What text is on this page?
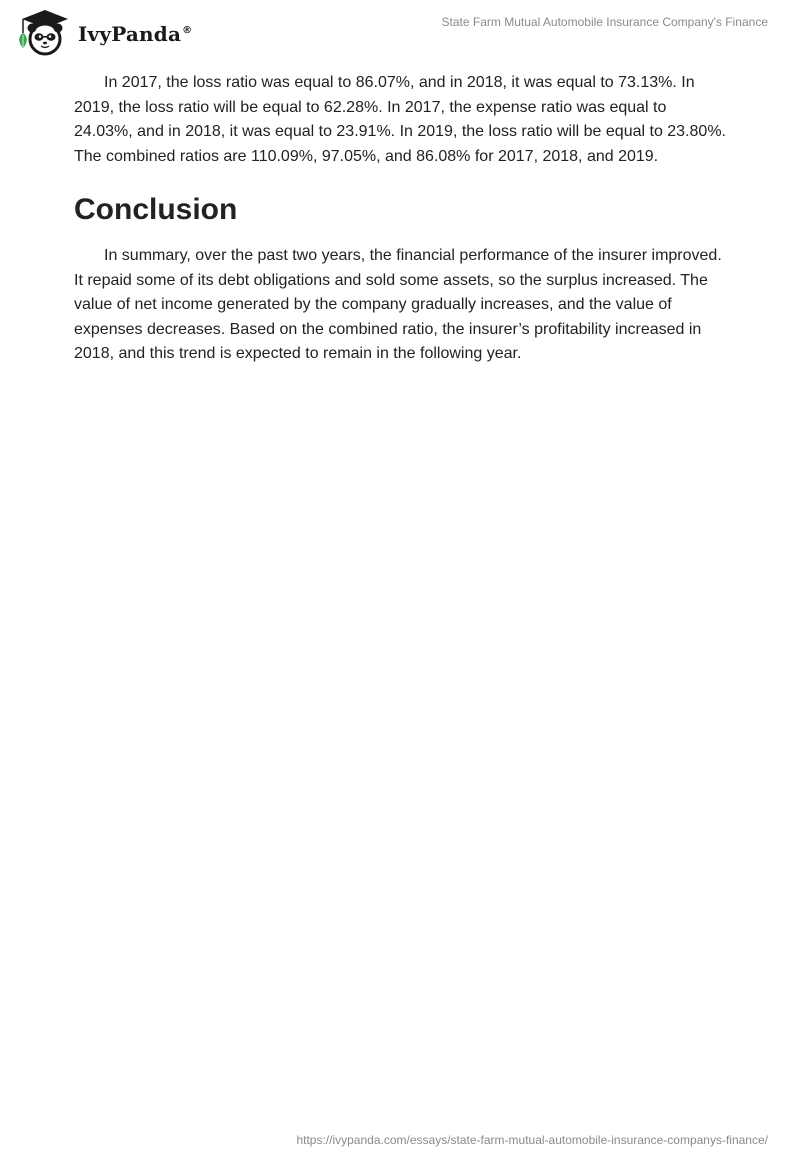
IvyPanda®
State Farm Mutual Automobile Insurance Company's Finance

In 2017, the loss ratio was equal to 86.07%, and in 2018, it was equal to 73.13%. In 2019, the loss ratio will be equal to 62.28%. In 2017, the expense ratio was equal to 24.03%, and in 2018, it was equal to 23.91%. In 2019, the loss ratio will be equal to 23.80%. The combined ratios are 110.09%, 97.05%, and 86.08% for 2017, 2018, and 2019.

Conclusion

In summary, over the past two years, the financial performance of the insurer improved. It repaid some of its debt obligations and sold some assets, so the surplus increased. The value of net income generated by the company gradually increases, and the value of expenses decreases. Based on the combined ratio, the insurer’s profitability increased in 2018, and this trend is expected to remain in the following year.

https://ivypanda.com/essays/state-farm-mutual-automobile-insurance-companys-finance/
